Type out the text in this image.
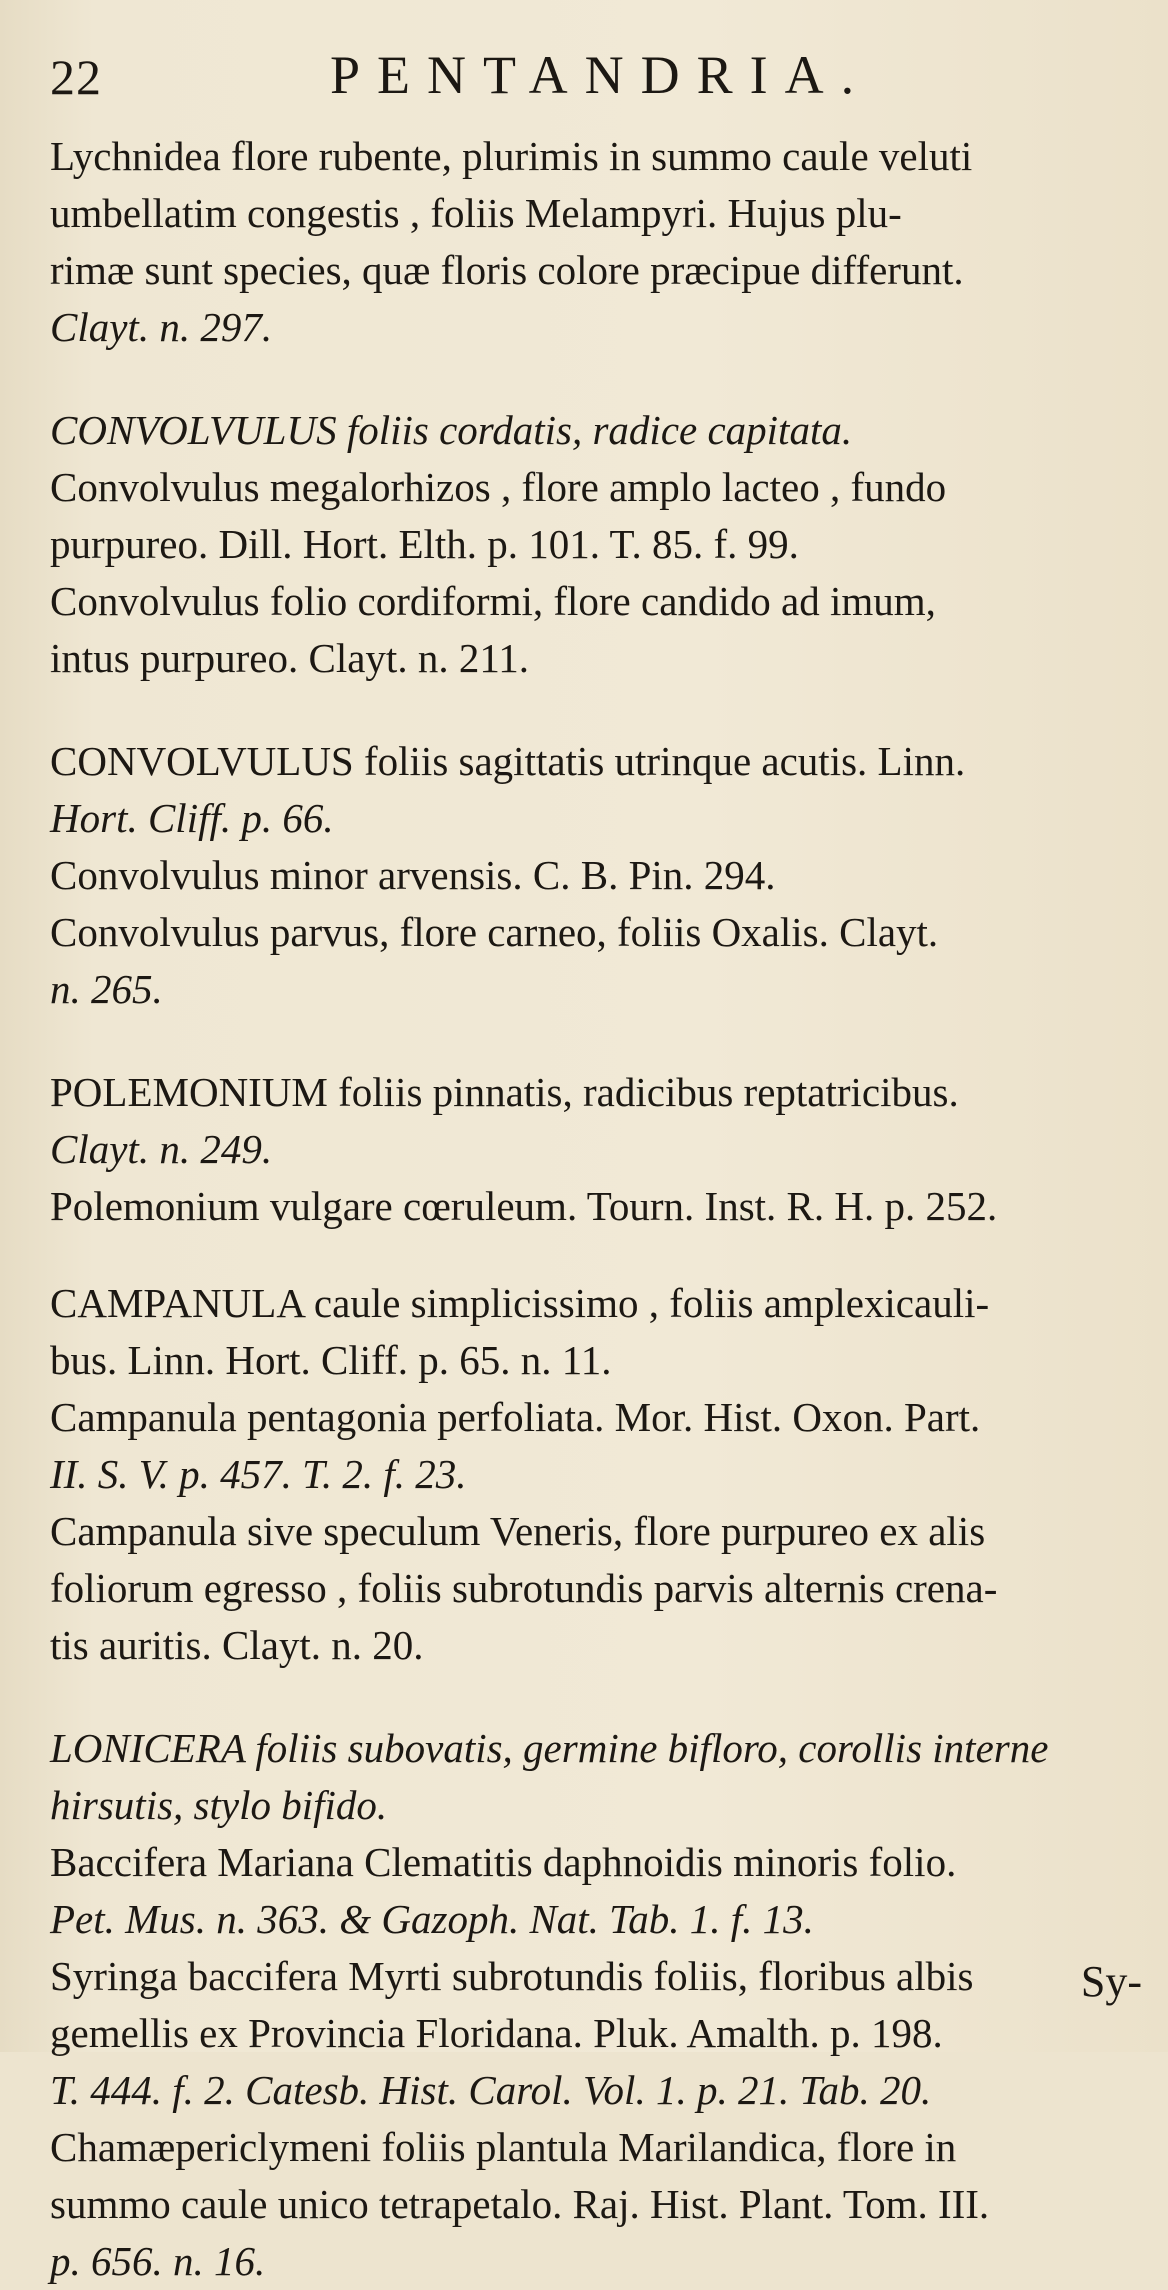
22	PENTANDRIA.
Lychnidea flore rubente, plurimis in summo caule veluti
umbellatim congestis , foliis Melampyri. Hujus plu-
rimæ sunt species, quæ floris colore præcipue differunt.
Clayt. n. 297.
CONVOLVULUS foliis cordatis, radice capitata.
Convolvulus megalorhizos , flore amplo lacteo , fundo
purpureo. Dill. Hort. Elth. p. 101. T. 85. f. 99.
Convolvulus folio cordiformi, flore candido ad imum,
intus purpureo. Clayt. n. 211.
CONVOLVULUS foliis sagittatis utrinque acutis. Linn.
Hort. Cliff. p. 66.
Convolvulus minor arvensis. C. B. Pin. 294.
Convolvulus parvus, flore carneo, foliis Oxalis. Clayt.
n. 265.
POLEMONIUM foliis pinnatis, radicibus reptatricibus.
Clayt. n. 249.
Polemonium vulgare cœruleum. Tourn. Inst. R. H. p. 252.
CAMPANULA caule simplicissimo , foliis amplexicauli-
bus. Linn. Hort. Cliff. p. 65. n. 11.
Campanula pentagonia perfoliata. Mor. Hist. Oxon. Part.
II. S. V. p. 457. T. 2. f. 23.
Campanula sive speculum Veneris, flore purpureo ex alis
foliorum egresso , foliis subrotundis parvis alternis crena-
tis auritis. Clayt. n. 20.
LONICERA foliis subovatis, germine bifloro, corollis interne
hirsutis, stylo bifido.
Baccifera Mariana Clematitis daphnoidis minoris folio.
Pet. Mus. n. 363. & Gazoph. Nat. Tab. 1. f. 13.
Syringa baccifera Myrti subrotundis foliis, floribus albis
gemellis ex Provincia Floridana. Pluk. Amalth. p. 198.
T. 444. f. 2. Catesb. Hist. Carol. Vol. 1. p. 21. Tab. 20.
Chamæpericlymeni foliis plantula Marilandica, flore in
summo caule unico tetrapetalo. Raj. Hist. Plant. Tom. III.
p. 656. n. 16.
Sy-
